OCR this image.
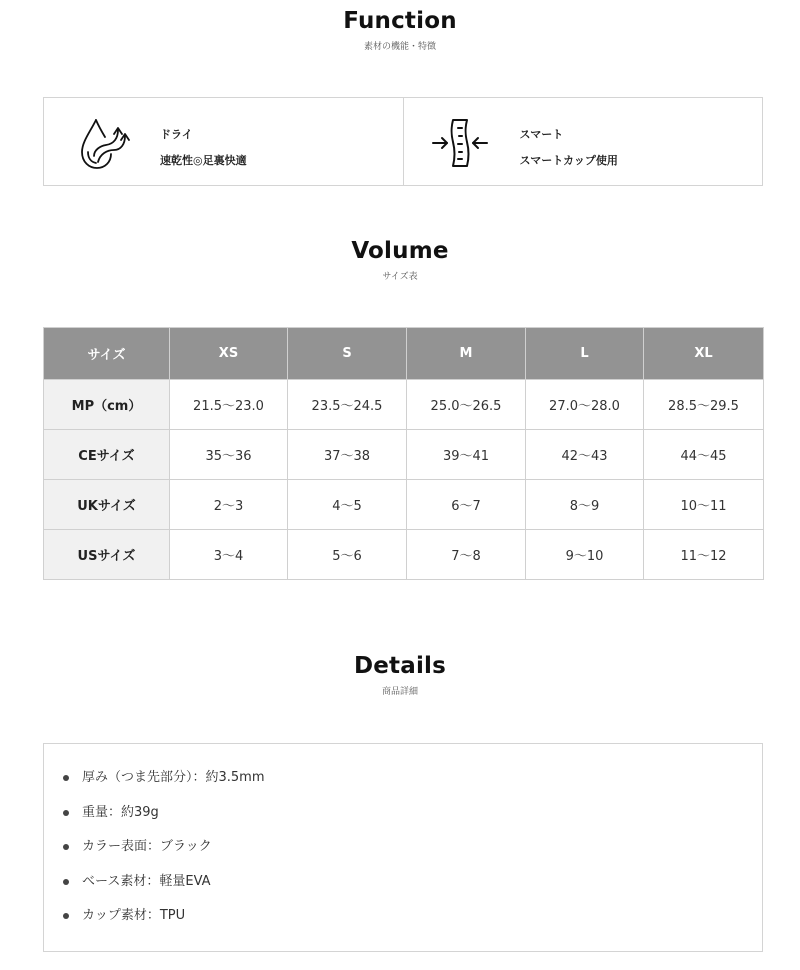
Function
素材の機能・特徴
ドライ
速乾性◎足裏快適
スマート
スマートカップ使用
Volume
サイズ表
サイズ	XS	S	M	L	XL
MP（cm）	21.5〜23.0	23.5〜24.5	25.0〜26.5	27.0〜28.0	28.5〜29.5
CEサイズ	35〜36	37〜38	39〜41	42〜43	44〜45
UKサイズ	2〜3	4〜5	6〜7	8〜9	10〜11
USサイズ	3〜4	5〜6	7〜8	9〜10	11〜12
Details
商品詳細
厚み（つま先部分）：約3.5mm
重量：約39g
カラー表面：ブラック
ベース素材：軽量EVA
カップ素材：TPU
